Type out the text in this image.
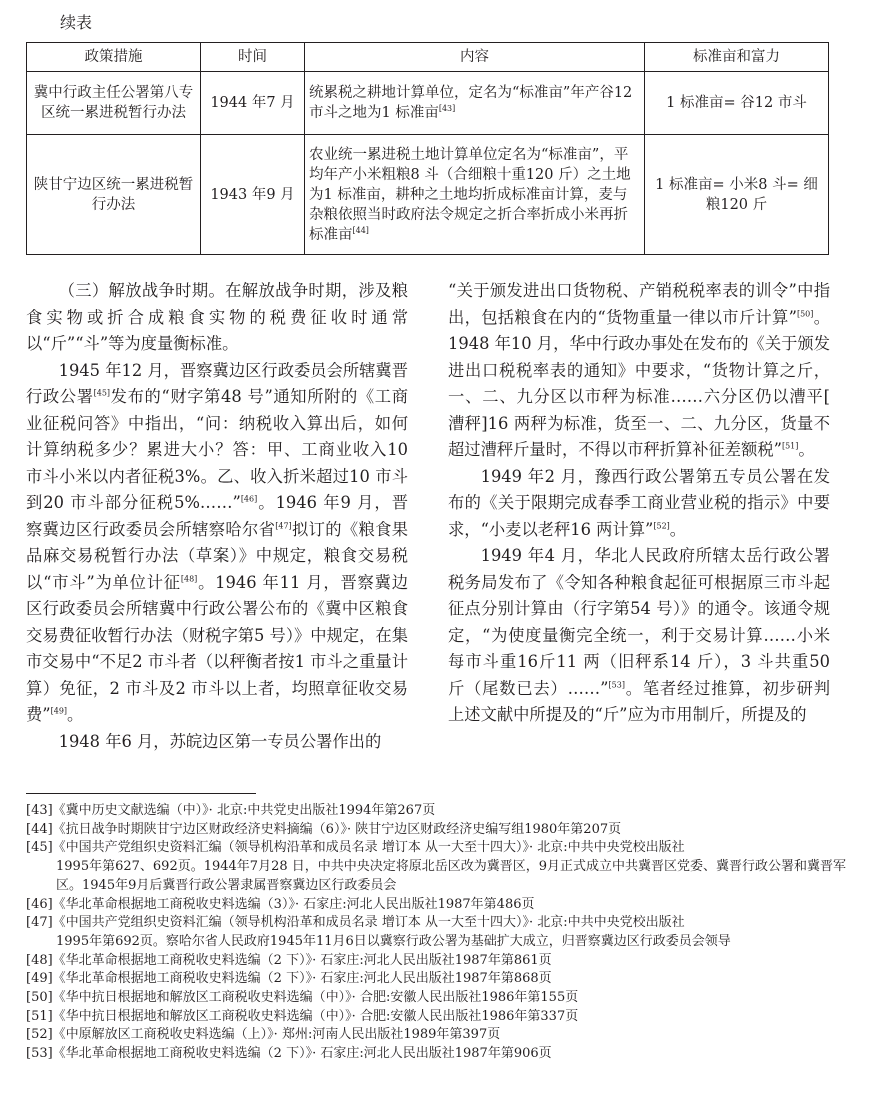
续表
政策措施	时间	内容	标准亩和富力
冀中行政主任公署第八专区统一累进税暂行办法	1944 年7 月	统累税之耕地计算单位，定名为“标准亩”年产谷12 市斗之地为1 标准亩[43]	1 标准亩= 谷12 市斗
陕甘宁边区统一累进税暂行办法	1943 年9 月	农业统一累进税土地计算单位定名为“标准亩”，平均年产小米粗粮8 斗（合细粮十重120 斤）之土地为1 标准亩，耕种之土地均折成标准亩计算，麦与杂粮依照当时政府法令规定之折合率折成小米再折标准亩[44]	1 标准亩= 小米8 斗= 细粮120 斤

（三）解放战争时期。在解放战争时期，涉及粮食实物或折合成粮食实物的税费征收时通常以“斤”“斗”等为度量衡标准。

1945 年12 月，晋察冀边区行政委员会所辖冀晋行政公署[45]发布的“财字第48 号”通知所附的《工商业征税问答》中指出，“问：纳税收入算出后，如何计算纳税多少？累进大小？答：甲、工商业收入10 市斗小米以内者征税3%。乙、收入折米超过10 市斗到20 市斗部分征税5%……”[46]。1946 年9 月，晋察冀边区行政委员会所辖察哈尔省[47]拟订的《粮食果品麻交易税暂行办法（草案）》中规定，粮食交易税以“市斗”为单位计征[48]。1946 年11 月，晋察冀边区行政委员会所辖冀中行政公署公布的《冀中区粮食交易费征收暂行办法（财税字第5 号）》中规定，在集市交易中“不足2 市斗者（以秤衡者按1 市斗之重量计算）免征，2 市斗及2 市斗以上者，均照章征收交易费”[49]。

1948 年6 月，苏皖边区第一专员公署作出的

“关于颁发进出口货物税、产销税税率表的训令”中指出，包括粮食在内的“货物重量一律以市斤计算”[50]。1948 年10 月，华中行政办事处在发布的《关于颁发进出口税税率表的通知》中要求，“货物计算之斤，一、二、九分区以市秤为标准……六分区仍以漕平[ 漕秤]16 两秤为标准，货至一、二、九分区，货量不超过漕秤斤量时，不得以市秤折算补征差额税”[51]。

1949 年2 月，豫西行政公署第五专员公署在发布的《关于限期完成春季工商业营业税的指示》中要求，“小麦以老秤16 两计算”[52]。

1949 年4 月，华北人民政府所辖太岳行政公署税务局发布了《令知各种粮食起征可根据原三市斗起征点分别计算由（行字第54 号）》的通令。该通令规定，“为使度量衡完全统一，利于交易计算……小米每市斗重16斤11 两（旧秤系14 斤），3 斗共重50 斤（尾数已去）……”[53]。笔者经过推算，初步研判上述文献中所提及的“斤”应为市用制斤，所提及的

[43]《冀中历史文献选编（中）》· 北京:中共党史出版社1994年第267页
[44]《抗日战争时期陕甘宁边区财政经济史料摘编（6）》· 陕甘宁边区财政经济史编写组1980年第207页
[45]《中国共产党组织史资料汇编（领导机构沿革和成员名录 增订本 从一大至十四大）》· 北京:中共中央党校出版社
1995年第627、692页。1944年7月28 日，中共中央决定将原北岳区改为冀晋区，9月正式成立中共冀晋区党委、冀晋行政公署和冀晋军区。1945年9月后冀晋行政公署隶属晋察冀边区行政委员会
[46]《华北革命根据地工商税收史料选编（3）》· 石家庄:河北人民出版社1987年第486页
[47]《中国共产党组织史资料汇编（领导机构沿革和成员名录 增订本 从一大至十四大）》· 北京:中共中央党校出版社
1995年第692页。察哈尔省人民政府1945年11月6日以冀察行政公署为基础扩大成立，归晋察冀边区行政委员会领导
[48]《华北革命根据地工商税收史料选编（2 下）》· 石家庄:河北人民出版社1987年第861页
[49]《华北革命根据地工商税收史料选编（2 下）》· 石家庄:河北人民出版社1987年第868页
[50]《华中抗日根据地和解放区工商税收史料选编（中）》· 合肥:安徽人民出版社1986年第155页
[51]《华中抗日根据地和解放区工商税收史料选编（中）》· 合肥:安徽人民出版社1986年第337页
[52]《中原解放区工商税收史料选编（上）》· 郑州:河南人民出版社1989年第397页
[53]《华北革命根据地工商税收史料选编（2 下）》· 石家庄:河北人民出版社1987年第906页
